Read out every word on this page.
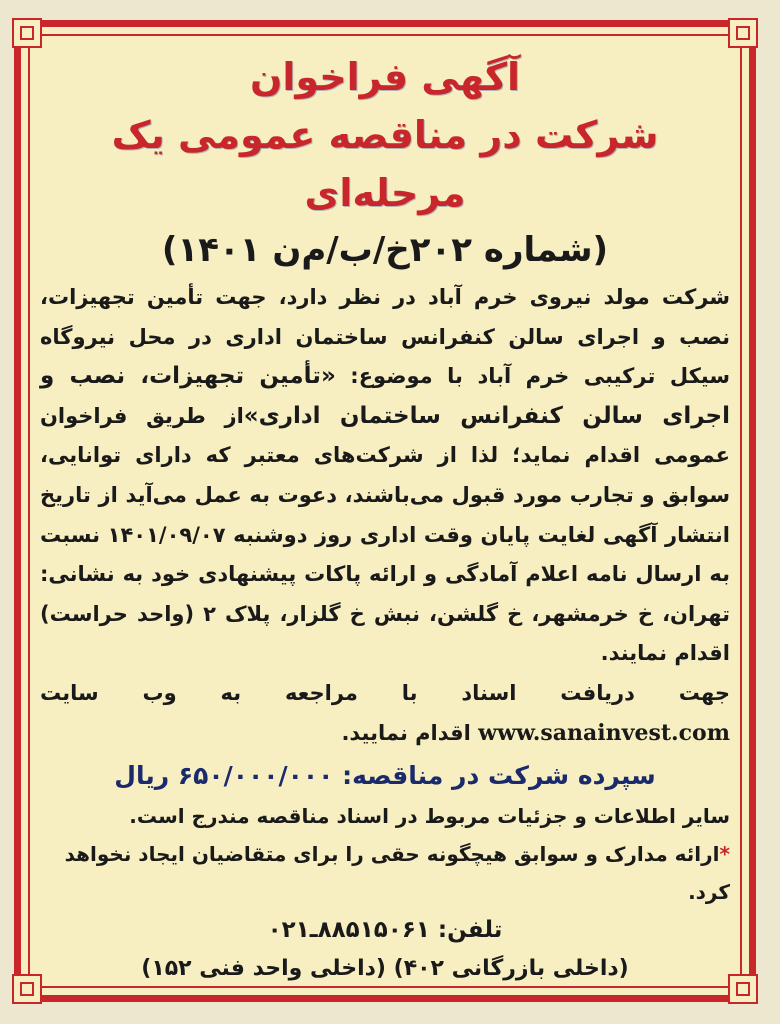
آگهی فراخوان
شرکت در مناقصه عمومی یک مرحله‌ای
(شماره ۲۰۲خ/ب/م‌ن ۱۴۰۱)
شرکت مولد نیروی خرم آباد در نظر دارد، جهت تأمین تجهیزات، نصب و اجرای سالن کنفرانس ساختمان اداری در محل نیروگاه سیکل ترکیبی خرم آباد با موضوع: «تأمین تجهیزات، نصب و اجرای سالن کنفرانس ساختمان اداری»از طریق فراخوان عمومی اقدام نماید؛ لذا از شرکت‌های معتبر که دارای توانایی، سوابق و تجارب مورد قبول می‌باشند، دعوت به عمل می‌آید از تاریخ انتشار آگهی لغایت پایان وقت اداری روز دوشنبه ۱۴۰۱/۰۹/۰۷ نسبت به ارسال نامه اعلام آمادگی و ارائه پاکات پیشنهادی خود به نشانی: تهران، خ خرمشهر، خ گلشن، نبش خ گلزار، پلاک ۲ (واحد حراست) اقدام نمایند.
جهت دریافت اسناد با مراجعه به وب سایت www.sanainvest.com اقدام نمایید.
سپرده شرکت در مناقصه: ۶۵۰/۰۰۰/۰۰۰ ریال
سایر اطلاعات و جزئیات مربوط در اسناد مناقصه مندرج است.
*ارائه مدارک و سوابق هیچگونه حقی را برای متقاضیان ایجاد نخواهد کرد.
تلفن: ۸۸۵۱۵۰۶۱ـ۰۲۱
(داخلی بازرگانی ۴۰۲) (داخلی واحد فنی ۱۵۲)
